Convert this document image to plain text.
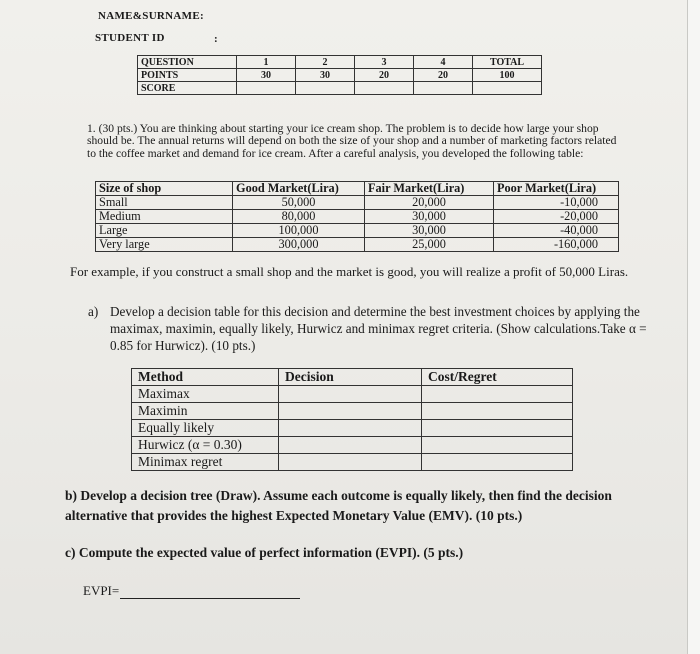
NAME&SURNAME:
STUDENT ID	:
QUESTION	1	2	3	4	TOTAL
POINTS	30	30	20	20	100
SCORE					

1. (30 pts.) You are thinking about starting your ice cream shop. The problem is to decide how large your shop should be. The annual returns will depend on both the size of your shop and a number of marketing factors related to the coffee market and demand for ice cream. After a careful analysis, you developed the following table:

Size of shop	Good Market(Lira)	Fair Market(Lira)	Poor Market(Lira)
Small	50,000	20,000	-10,000
Medium	80,000	30,000	-20,000
Large	100,000	30,000	-40,000
Very large	300,000	25,000	-160,000

For example, if you construct a small shop and the market is good, you will realize a profit of 50,000 Liras.

a) Develop a decision table for this decision and determine the best investment choices by applying the maximax, maximin, equally likely, Hurwicz and minimax regret criteria. (Show calculations.Take α = 0.85 for Hurwicz). (10 pts.)
Method	Decision	Cost/Regret
Maximax		
Maximin		
Equally likely		
Hurwicz (α = 0.30)		
Minimax regret		

b) Develop a decision tree (Draw). Assume each outcome is equally likely, then find the decision alternative that provides the highest Expected Monetary Value (EMV). (10 pts.)

c) Compute the expected value of perfect information (EVPI). (5 pts.)

EVPI=
